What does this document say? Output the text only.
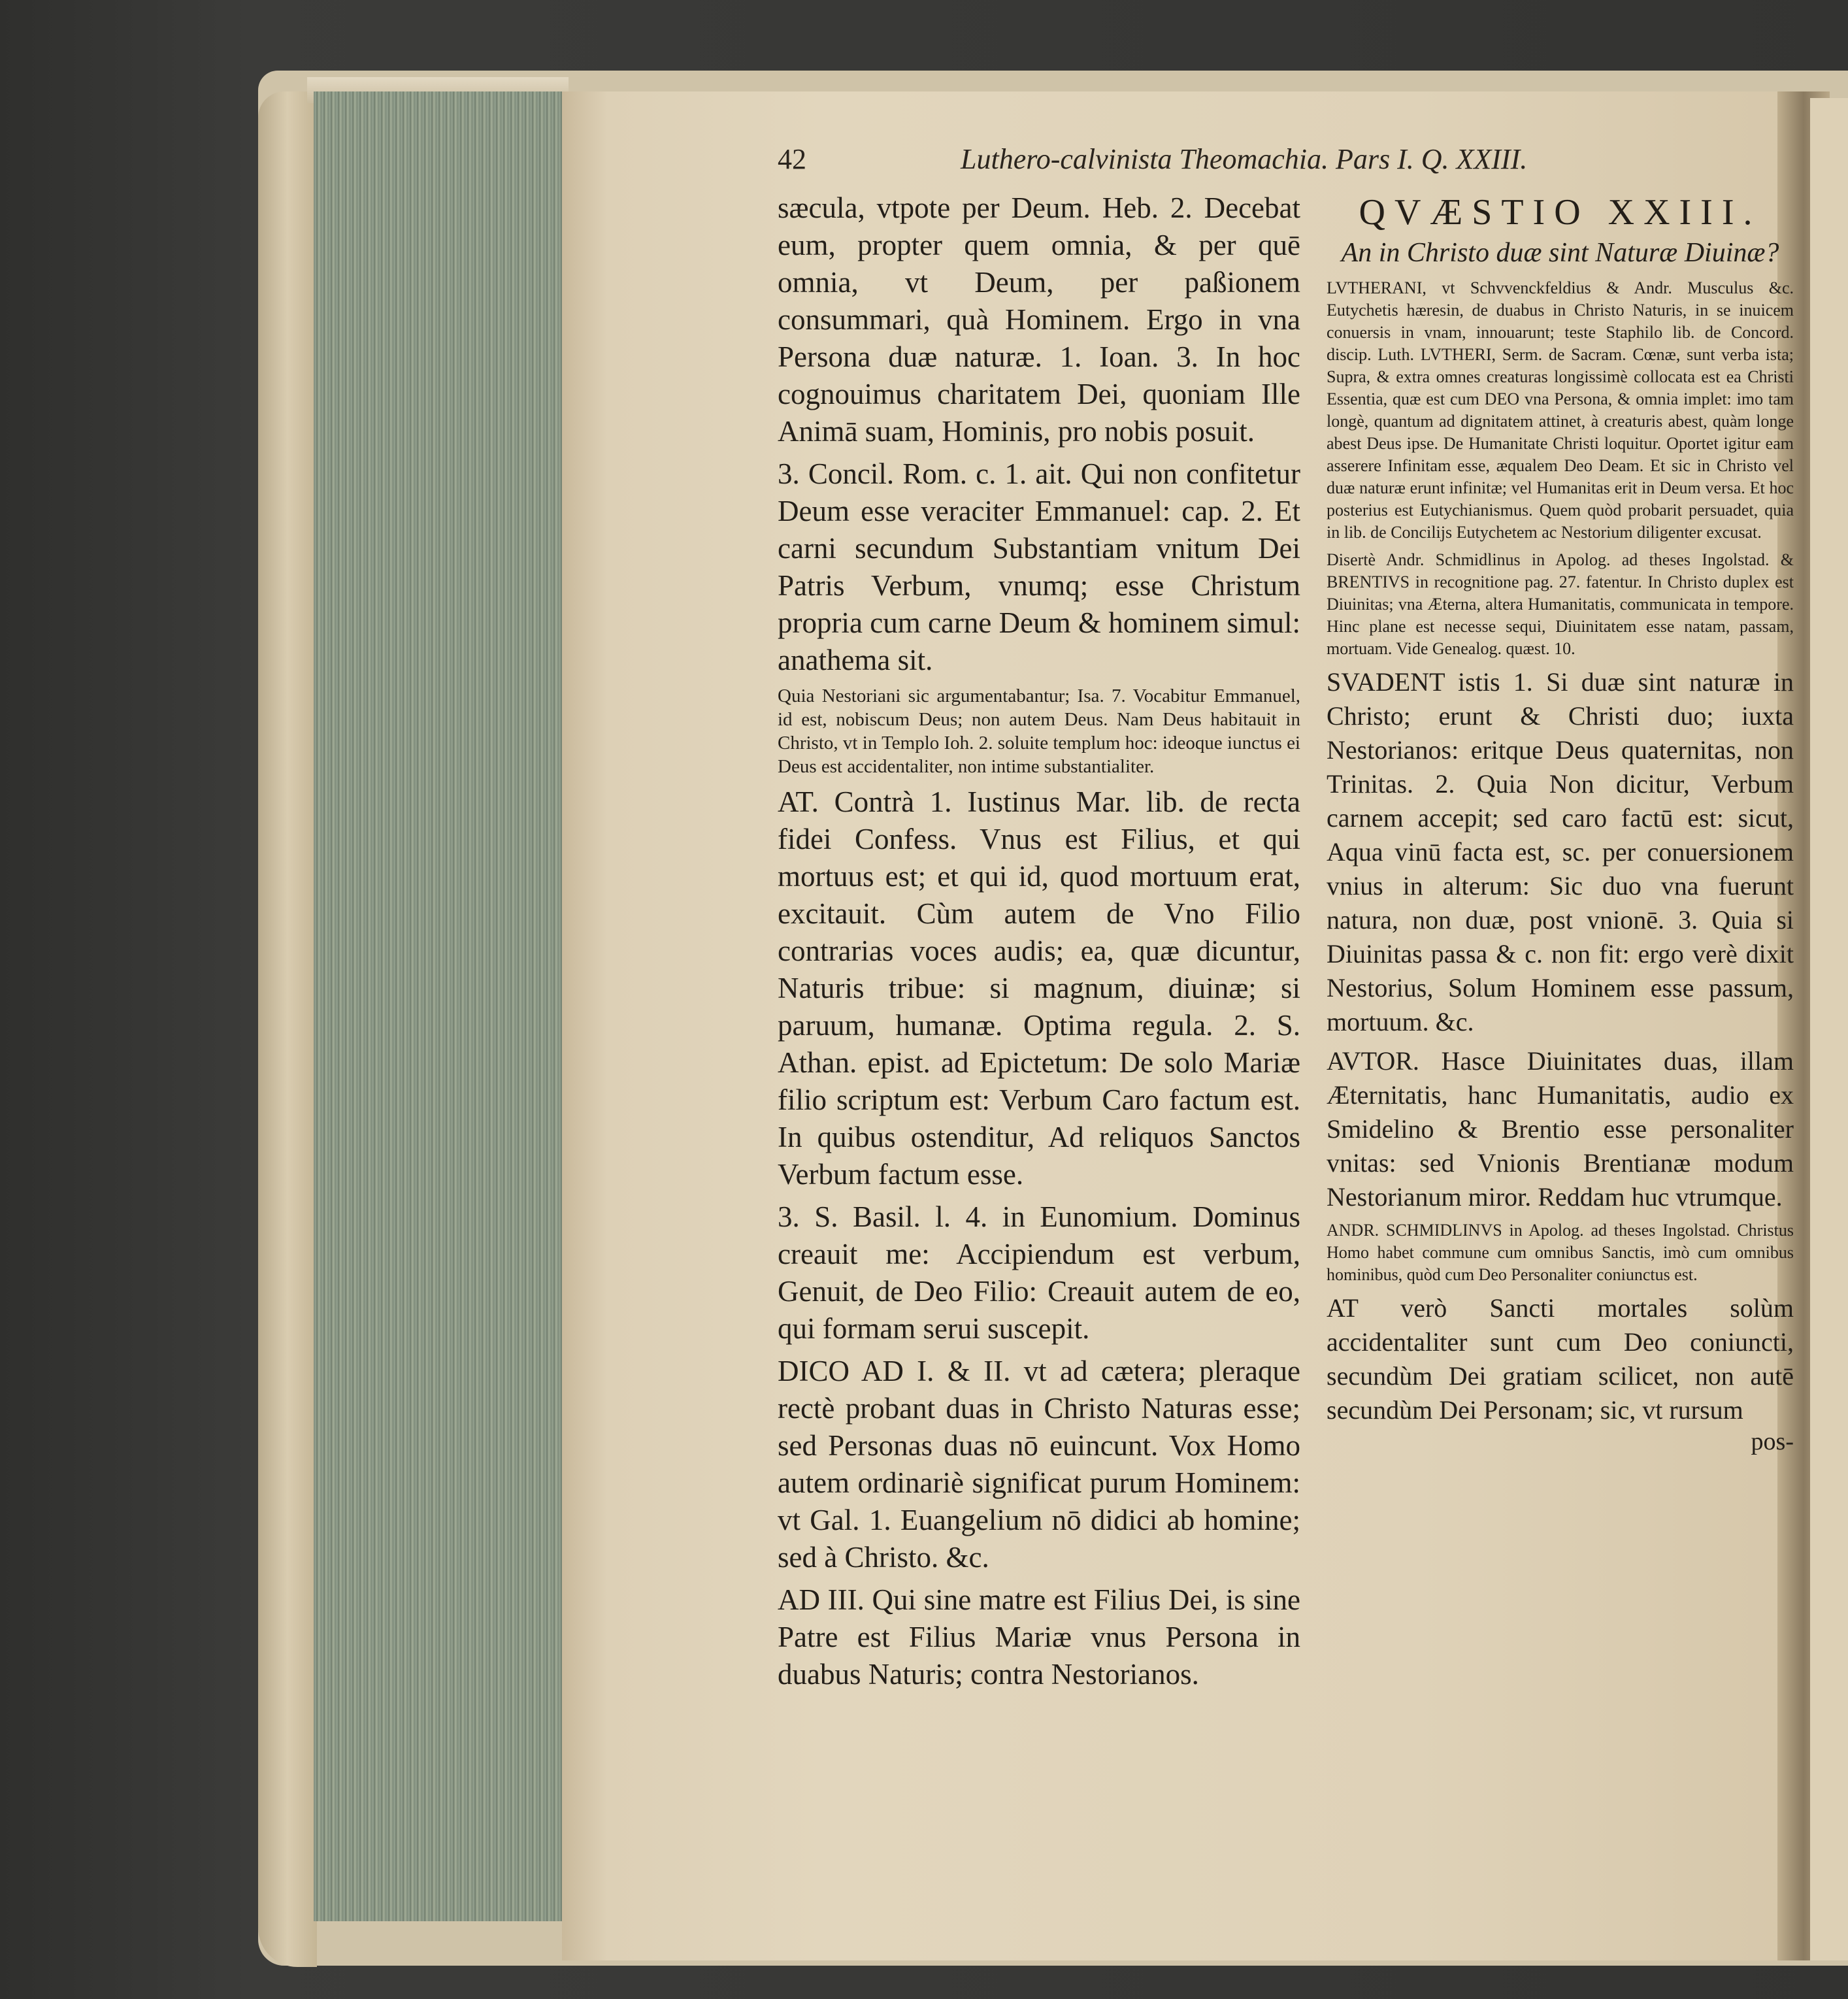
42	Luthero-calvinista Theomachia. Pars I. Q. XXIII.

sæcula, vtpote per Deum. Heb. 2. Decebat eum, propter quem omnia, & per quē omnia, vt Deum, per paßionem consummari, quà Hominem. Ergo in vna Persona duæ naturæ. 1. Ioan. 3. In hoc cognouimus charitatem Dei, quoniam Ille Animā suam, Hominis, pro nobis posuit.

3. Concil. Rom. c. 1. ait. Qui non confitetur Deum esse veraciter Emmanuel: cap. 2. Et carni secundum Substantiam vnitum Dei Patris Verbum, vnumq; esse Christum propria cum carne Deum & hominem simul: anathema sit.

Quia Nestoriani sic argumentabantur; Isa. 7. Vocabitur Emmanuel, id est, nobiscum Deus; non autem Deus. Nam Deus habitauit in Christo, vt in Templo Ioh. 2. soluite templum hoc: ideoque iunctus ei Deus est accidentaliter, non intime substantialiter.

AT. Contrà 1. Iustinus Mar. lib. de recta fidei Confess. Vnus est Filius, et qui mortuus est; et qui id, quod mortuum erat, excitauit. Cùm autem de Vno Filio contrarias voces audis; ea, quæ dicuntur, Naturis tribue: si magnum, diuinæ; si paruum, humanæ. Optima regula. 2. S. Athan. epist. ad Epictetum: De solo Mariæ filio scriptum est: Verbum Caro factum est. In quibus ostenditur, Ad reliquos Sanctos Verbum factum esse.

3. S. Basil. l. 4. in Eunomium. Dominus creauit me: Accipiendum est verbum, Genuit, de Deo Filio: Creauit autem de eo, qui formam serui suscepit.

DICO AD I. & II. vt ad cætera; pleraque rectè probant duas in Christo Naturas esse; sed Personas duas nō euincunt. Vox Homo autem ordinariè significat purum Hominem: vt Gal. 1. Euangelium nō didici ab homine; sed à Christo. &c.

AD III. Qui sine matre est Filius Dei, is sine Patre est Filius Mariæ vnus Persona in duabus Naturis; contra Nestorianos.

QVÆSTIO XXIII.

An in Christo duæ sint Naturæ Diuinæ?

LVTHERANI, vt Schvvenckfeldius & Andr. Musculus &c. Eutychetis hæresin, de duabus in Christo Naturis, in se inuicem conuersis in vnam, innouarunt; teste Staphilo lib. de Concord. discip. Luth. LVTHERI, Serm. de Sacram. Cœnæ, sunt verba ista; Supra, & extra omnes creaturas longissimè collocata est ea Christi Essentia, quæ est cum DEO vna Persona, & omnia implet: imo tam longè, quantum ad dignitatem attinet, à creaturis abest, quàm longe abest Deus ipse. De Humanitate Christi loquitur. Oportet igitur eam asserere Infinitam esse, æqualem Deo Deam. Et sic in Christo vel duæ naturæ erunt infinitæ; vel Humanitas erit in Deum versa. Et hoc posterius est Eutychianismus. Quem quòd probarit persuadet, quia in lib. de Concilijs Eutychetem ac Nestorium diligenter excusat.

Disertè Andr. Schmidlinus in Apolog. ad theses Ingolstad. & BRENTIVS in recognitione pag. 27. fatentur. In Christo duplex est Diuinitas; vna Æterna, altera Humanitatis, communicata in tempore. Hinc plane est necesse sequi, Diuinitatem esse natam, passam, mortuam. Vide Genealog. quæst. 10.

SVADENT istis 1. Si duæ sint naturæ in Christo; erunt & Christi duo; iuxta Nestorianos: eritque Deus quaternitas, non Trinitas. 2. Quia Non dicitur, Verbum carnem accepit; sed caro factū est: sicut, Aqua vinū facta est, sc. per conuersionem vnius in alterum: Sic duo vna fuerunt natura, non duæ, post vnionē. 3. Quia si Diuinitas passa & c. non fit: ergo verè dixit Nestorius, Solum Hominem esse passum, mortuum. &c.

AVTOR. Hasce Diuinitates duas, illam Æternitatis, hanc Humanitatis, audio ex Smidelino & Brentio esse personaliter vnitas: sed Vnionis Brentianæ modum Nestorianum miror. Reddam huc vtrumque.

ANDR. SCHMIDLINVS in Apolog. ad theses Ingolstad. Christus Homo habet commune cum omnibus Sanctis, imò cum omnibus hominibus, quòd cum Deo Personaliter coniunctus est.

AT verò Sancti mortales solùm accidentaliter sunt cum Deo coniuncti, secundùm Dei gratiam scilicet, non autē secundùm Dei Personam; sic, vt rursum

pos-
